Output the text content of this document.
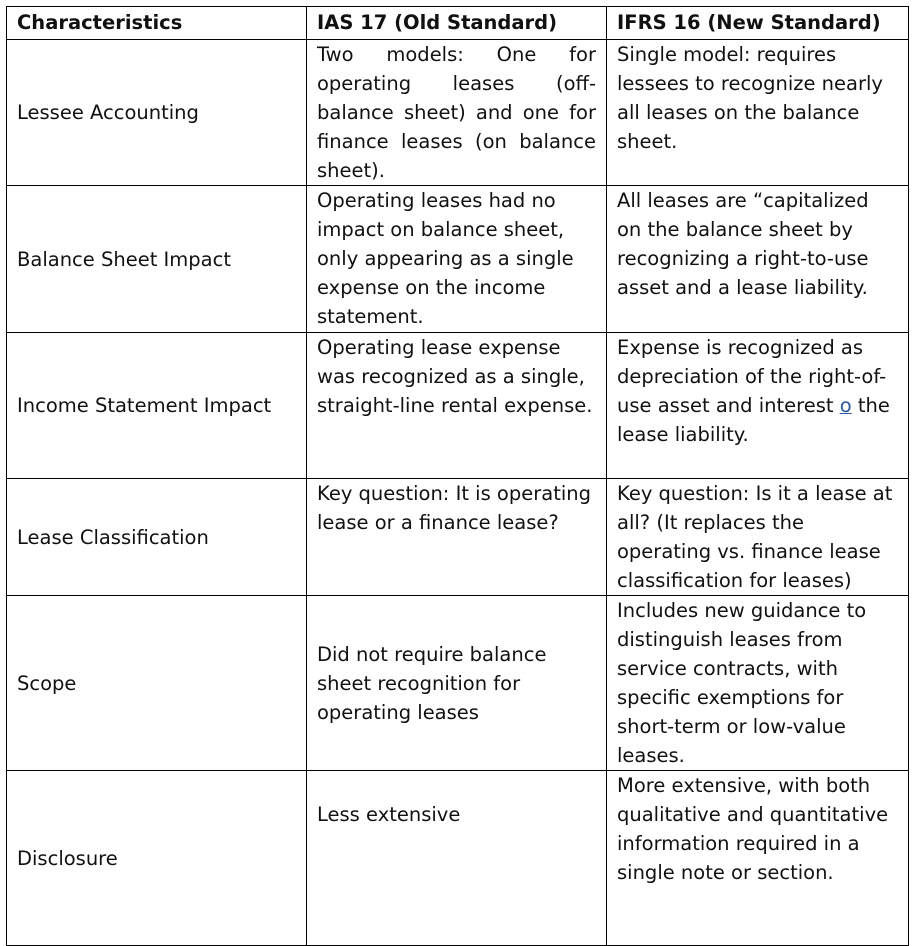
Characteristics	IAS 17 (Old Standard)	IFRS 16 (New Standard)
Lessee Accounting	Two models: One for operating leases (off-balance sheet) and one for finance leases (on balance sheet).	Single model: requires lessees to recognize nearly all leases on the balance sheet.
Balance Sheet Impact	Operating leases had no impact on balance sheet, only appearing as a single expense on the income statement.	All leases are “capitalized on the balance sheet by recognizing a right-to-use asset and a lease liability.
Income Statement Impact	Operating lease expense was recognized as a single, straight-line rental expense.	Expense is recognized as depreciation of the right-of-use asset and interest o the lease liability.
Lease Classification	Key question: It is operating lease or a finance lease?	Key question: Is it a lease at all? (It replaces the operating vs. finance lease classification for leases)
Scope	Did not require balance sheet recognition for operating leases	Includes new guidance to distinguish leases from service contracts, with specific exemptions for short-term or low-value leases.
Disclosure	Less extensive	More extensive, with both qualitative and quantitative information required in a single note or section.
